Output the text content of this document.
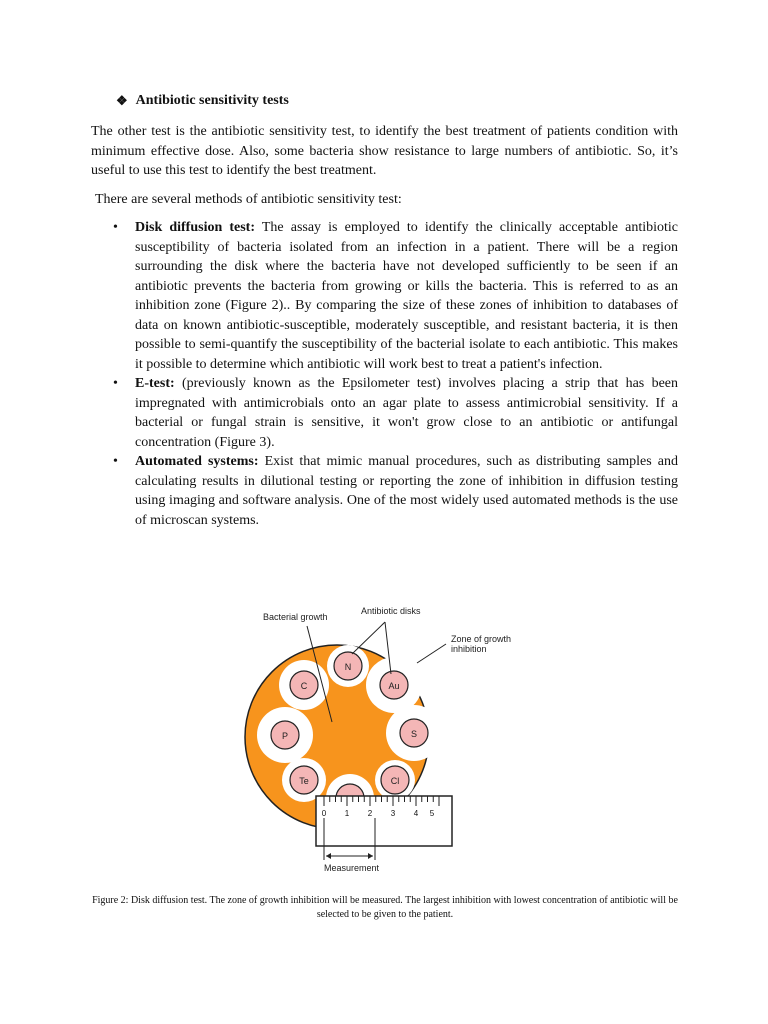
❖ Antibiotic sensitivity tests

The other test is the antibiotic sensitivity test, to identify the best treatment of patients condition with minimum effective dose. Also, some bacteria show resistance to large numbers of antibiotic. So, it’s useful to use this test to identify the best treatment.

There are several methods of antibiotic sensitivity test:

• Disk diffusion test: The assay is employed to identify the clinically acceptable antibiotic susceptibility of bacteria isolated from an infection in a patient. There will be a region surrounding the disk where the bacteria have not developed sufficiently to be seen if an antibiotic prevents the bacteria from growing or kills the bacteria. This is referred to as an inhibition zone (Figure 2).. By comparing the size of these zones of inhibition to databases of data on known antibiotic-susceptible, moderately susceptible, and resistant bacteria, it is then possible to semi-quantify the susceptibility of the bacterial isolate to each antibiotic. This makes it possible to determine which antibiotic will work best to treat a patient's infection.
• E-test: (previously known as the Epsilometer test) involves placing a strip that has been impregnated with antimicrobials onto an agar plate to assess antimicrobial sensitivity. If a bacterial or fungal strain is sensitive, it won't grow close to an antibiotic or antifungal concentration (Figure 3).
• Automated systems: Exist that mimic manual procedures, such as distributing samples and calculating results in dilutional testing or reporting the zone of inhibition in diffusion testing using imaging and software analysis. One of the most widely used automated methods is the use of microscan systems.
N
Au
S
Cl
Te
P
C
Bacterial growth
Antibiotic disks
Zone of growth
inhibition
0 1 2 3 4 5
Measurement

Figure 2: Disk diffusion test. The zone of growth inhibition will be measured. The largest inhibition with lowest concentration of antibiotic will be selected to be given to the patient.
